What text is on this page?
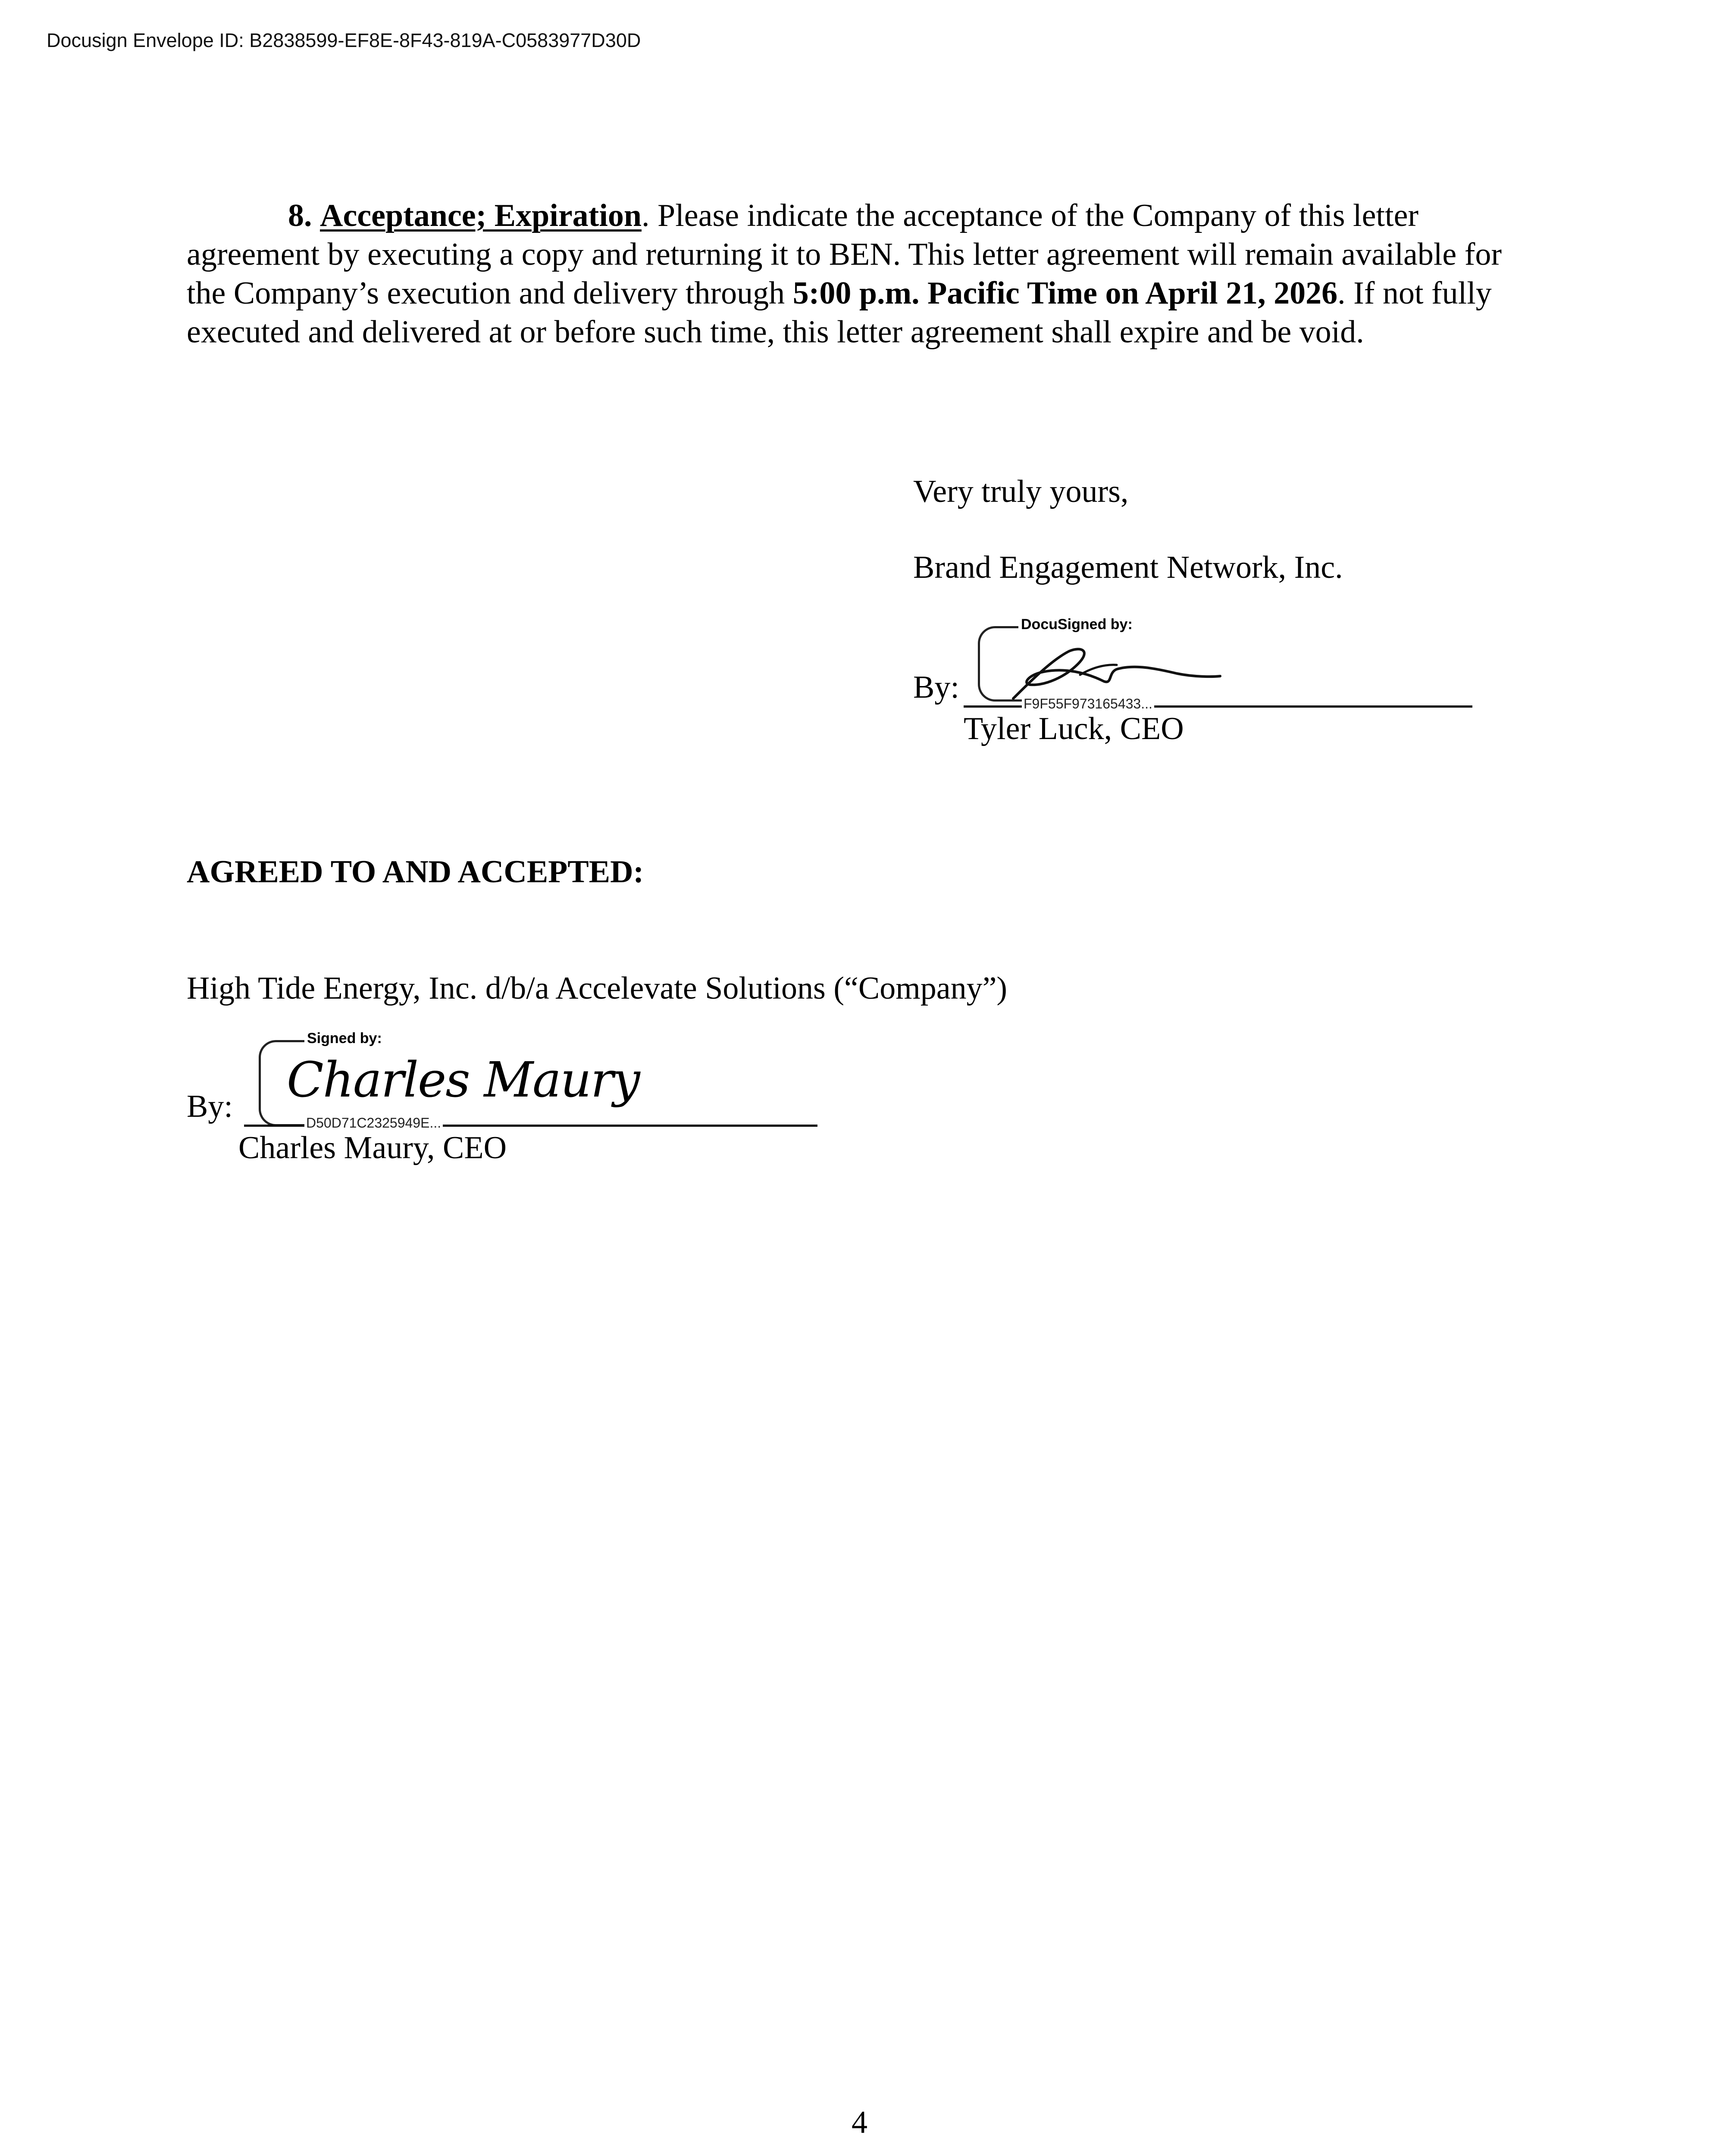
Docusign Envelope ID: B2838599-EF8E-8F43-819A-C0583977D30D

8. Acceptance; Expiration. Please indicate the acceptance of the Company of this letter agreement by executing a copy and returning it to BEN. This letter agreement will remain available for the Company’s execution and delivery through 5:00 p.m. Pacific Time on April 21, 2026. If not fully executed and delivered at or before such time, this letter agreement shall expire and be void.

Very truly yours,
Brand Engagement Network, Inc.
DocuSigned by:
By:	F9F55F973165433...
Tyler Luck, CEO
AGREED TO AND ACCEPTED:
High Tide Energy, Inc. d/b/a Accelevate Solutions (“Company”)
Signed by:
Charles Maury
By:	D50D71C2325949E...
Charles Maury, CEO
4
